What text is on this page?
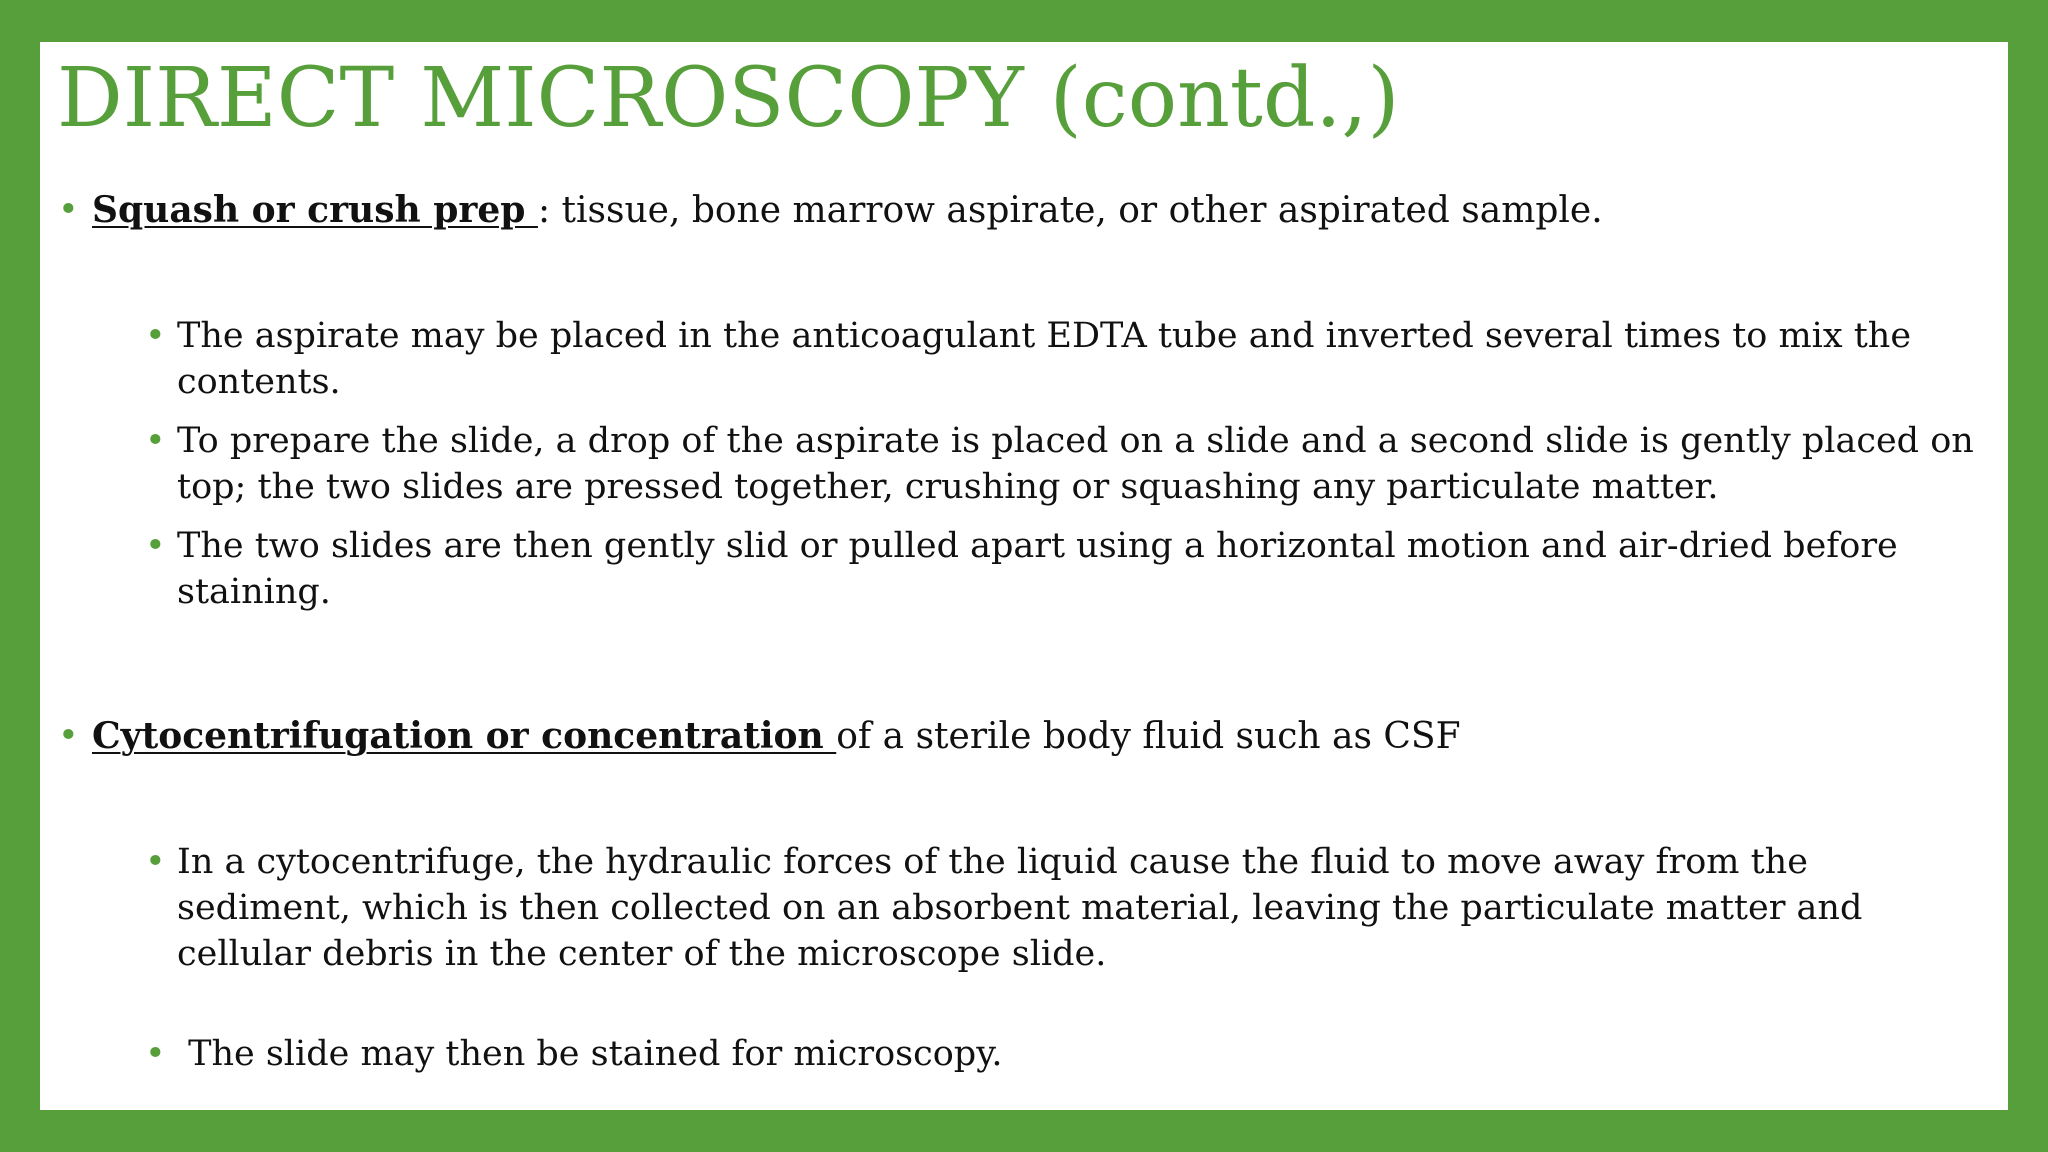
DIRECT MICROSCOPY (contd.,)
• Squash or crush prep : tissue, bone marrow aspirate, or other aspirated sample.
• The aspirate may be placed in the anticoagulant EDTA tube and inverted several times to mix the contents.
• To prepare the slide, a drop of the aspirate is placed on a slide and a second slide is gently placed on top; the two slides are pressed together, crushing or squashing any particulate matter.
• The two slides are then gently slid or pulled apart using a horizontal motion and air-dried before staining.
• Cytocentrifugation or concentration of a sterile body fluid such as CSF
• In a cytocentrifuge, the hydraulic forces of the liquid cause the fluid to move away from the sediment, which is then collected on an absorbent material, leaving the particulate matter and cellular debris in the center of the microscope slide.
• The slide may then be stained for microscopy.
